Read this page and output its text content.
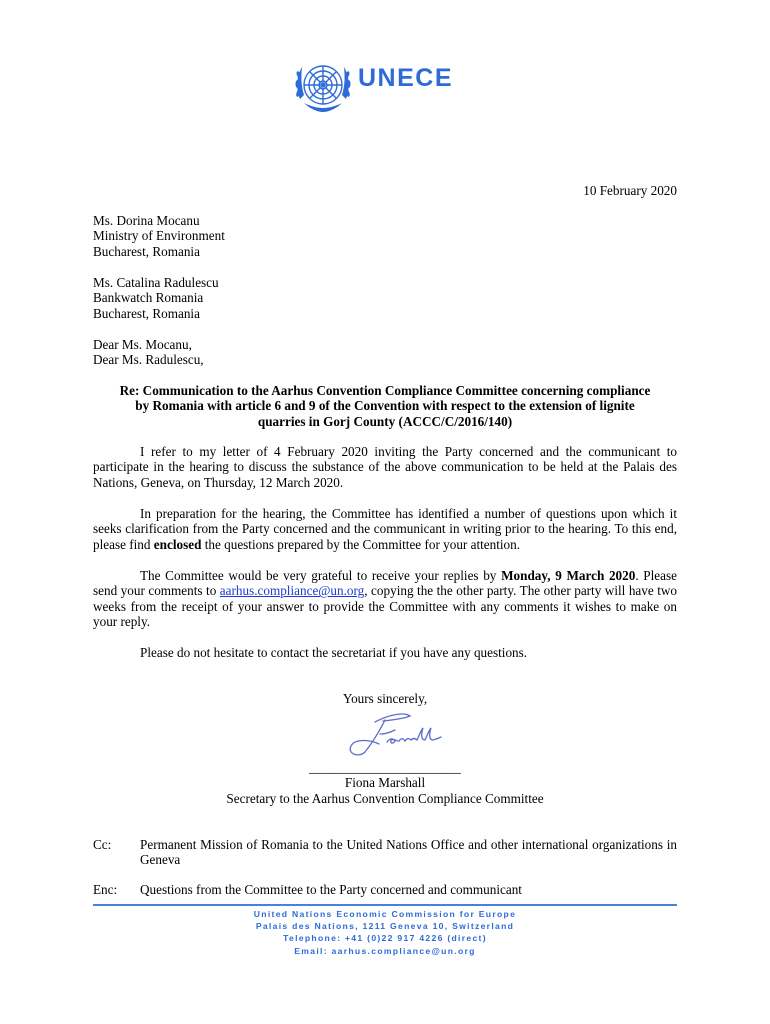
UNECE
10 February 2020
Ms. Dorina Mocanu
Ministry of Environment
Bucharest, Romania
Ms. Catalina Radulescu
Bankwatch Romania
Bucharest, Romania
Dear Ms. Mocanu,
Dear Ms. Radulescu,
Re: Communication to the Aarhus Convention Compliance Committee concerning compliance
by Romania with article 6 and 9 of the Convention with respect to the extension of lignite
quarries in Gorj County (ACCC/C/2016/140)

I refer to my letter of 4 February 2020 inviting the Party concerned and the communicant to participate in the hearing to discuss the substance of the above communication to be held at the Palais des Nations, Geneva, on Thursday, 12 March 2020.

In preparation for the hearing, the Committee has identified a number of questions upon which it seeks clarification from the Party concerned and the communicant in writing prior to the hearing. To this end, please find enclosed the questions prepared by the Committee for your attention.

The Committee would be very grateful to receive your replies by Monday, 9 March 2020. Please send your comments to aarhus.compliance@un.org, copying the the other party. The other party will have two weeks from the receipt of your answer to provide the Committee with any comments it wishes to make on your reply.

Please do not hesitate to contact the secretariat if you have any questions.

Yours sincerely,
_______________________
Fiona Marshall
Secretary to the Aarhus Convention Compliance Committee
Cc:	Permanent Mission of Romania to the United Nations Office and other international organizations in Geneva
Enc:	Questions from the Committee to the Party concerned and communicant
United Nations Economic Commission for Europe
Palais des Nations, 1211 Geneva 10, Switzerland
Telephone: +41 (0)22 917 4226 (direct)
Email: aarhus.compliance@un.org
